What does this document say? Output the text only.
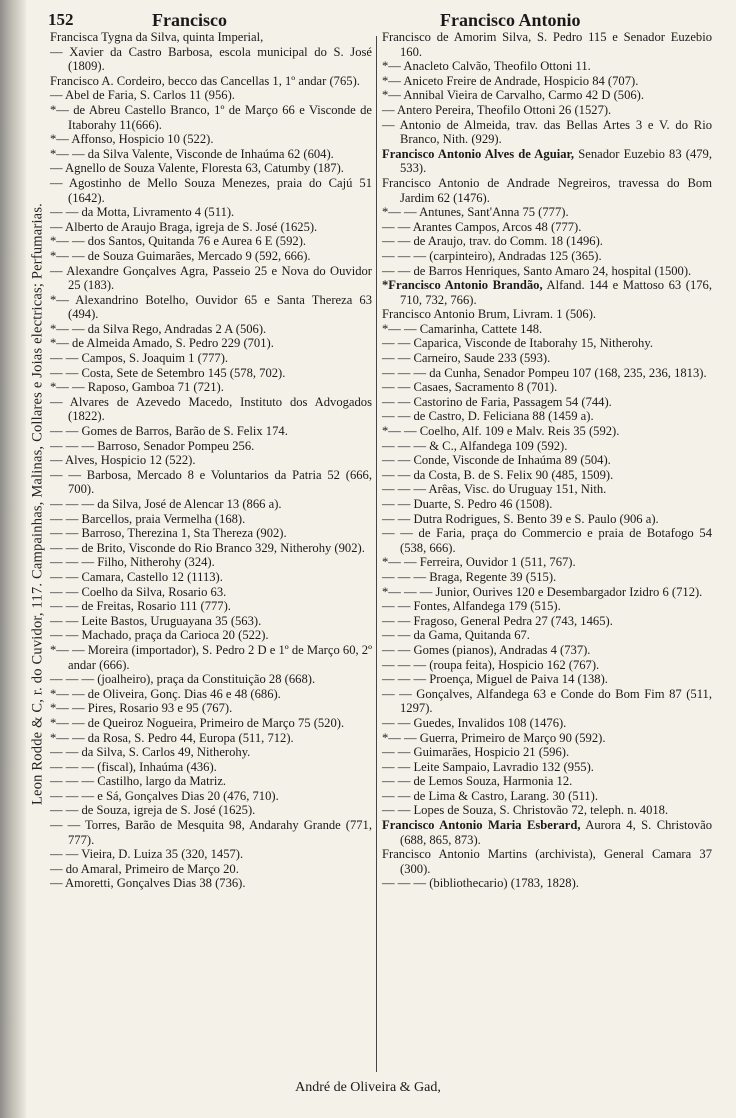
152	Francisco	Francisco Antonio
Leon Rodde & C, r. do Cuvidor, 117. Campainhas, Malinas, Collares e Joias electricas; Perfumarias.

Francisca Tygna da Silva, quinta Imperial,

— Xavier da Castro Barbosa, escola municipal do S. José (1809).

Francisco A. Cordeiro, becco das Cancellas 1, 1º andar (765).

— Abel de Faria, S. Carlos 11 (956).

*— de Abreu Castello Branco, 1º de Março 66 e Visconde de Itaborahy 11(666).

*— Affonso, Hospicio 10 (522).

*— — da Silva Valente, Visconde de Inhaúma 62 (604).

— Agnello de Souza Valente, Floresta 63, Catumby (187).

— Agostinho de Mello Souza Menezes, praia do Cajú 51 (1642).

— — da Motta, Livramento 4 (511).

— Alberto de Araujo Braga, igreja de S. José (1625).

*— — dos Santos, Quitanda 76 e Aurea 6 E (592).

*— — de Souza Guimarães, Mercado 9 (592, 666).

— Alexandre Gonçalves Agra, Passeio 25 e Nova do Ouvidor 25 (183).

*— Alexandrino Botelho, Ouvidor 65 e Santa Thereza 63 (494).

*— — da Silva Rego, Andradas 2 A (506).

*— de Almeida Amado, S. Pedro 229 (701).

— — Campos, S. Joaquim 1 (777).

— — Costa, Sete de Setembro 145 (578, 702).

*— — Raposo, Gamboa 71 (721).

— Alvares de Azevedo Macedo, Instituto dos Advogados (1822).

— — Gomes de Barros, Barão de S. Felix 174.

— — — Barroso, Senador Pompeu 256.

— Alves, Hospicio 12 (522).

— — Barbosa, Mercado 8 e Voluntarios da Patria 52 (666, 700).

— — — da Silva, José de Alencar 13 (866 a).

— — Barcellos, praia Vermelha (168).

— — Barroso, Therezina 1, Sta Thereza (902).

— — de Brito, Visconde do Rio Branco 329, Nitherohy (902).

— — — Filho, Nitherohy (324).

— — Camara, Castello 12 (1113).

— — Coelho da Silva, Rosario 63.

— — de Freitas, Rosario 111 (777).

— — Leite Bastos, Uruguayana 35 (563).

— — Machado, praça da Carioca 20 (522).

*— — Moreira (importador), S. Pedro 2 D e 1º de Março 60, 2º andar (666).

— — — (joalheiro), praça da Constituição 28 (668).

*— — de Oliveira, Gonç. Dias 46 e 48 (686).

*— — Pires, Rosario 93 e 95 (767).

*— — de Queiroz Nogueira, Primeiro de Março 75 (520).

*— — da Rosa, S. Pedro 44, Europa (511, 712).

— — da Silva, S. Carlos 49, Nitherohy.

— — — (fiscal), Inhaúma (436).

— — — Castilho, largo da Matriz.

— — — e Sá, Gonçalves Dias 20 (476, 710).

— — de Souza, igreja de S. José (1625).

— — Torres, Barão de Mesquita 98, Andarahy Grande (771, 777).

— — Vieira, D. Luiza 35 (320, 1457).

— do Amaral, Primeiro de Março 20.

— Amoretti, Gonçalves Dias 38 (736).

Francisco de Amorim Silva, S. Pedro 115 e Senador Euzebio 160.

*— Anacleto Calvão, Theofilo Ottoni 11.

*— Aniceto Freire de Andrade, Hospicio 84 (707).

*— Annibal Vieira de Carvalho, Carmo 42 D (506).

— Antero Pereira, Theofilo Ottoni 26 (1527).

— Antonio de Almeida, trav. das Bellas Artes 3 e V. do Rio Branco, Nith. (929).

Francisco Antonio Alves de Aguiar, Senador Euzebio 83 (479, 533).

Francisco Antonio de Andrade Negreiros, travessa do Bom Jardim 62 (1476).

*— — Antunes, Sant'Anna 75 (777).

— — Arantes Campos, Arcos 48 (777).

— — de Araujo, trav. do Comm. 18 (1496).

— — — (carpinteiro), Andradas 125 (365).

— — de Barros Henriques, Santo Amaro 24, hospital (1500).

*Francisco Antonio Brandão, Alfand. 144 e Mattoso 63 (176, 710, 732, 766).

Francisco Antonio Brum, Livram. 1 (506).

*— — Camarinha, Cattete 148.

— — Caparica, Visconde de Itaborahy 15, Nitherohy.

— — Carneiro, Saude 233 (593).

— — — da Cunha, Senador Pompeu 107 (168, 235, 236, 1813).

— — Casaes, Sacramento 8 (701).

— — Castorino de Faria, Passagem 54 (744).

— — de Castro, D. Feliciana 88 (1459 a).

*— — Coelho, Alf. 109 e Malv. Reis 35 (592).

— — — & C., Alfandega 109 (592).

— — Conde, Visconde de Inhaúma 89 (504).

— — da Costa, B. de S. Felix 90 (485, 1509).

— — — Arêas, Visc. do Uruguay 151, Nith.

— — Duarte, S. Pedro 46 (1508).

— — Dutra Rodrigues, S. Bento 39 e S. Paulo (906 a).

— — de Faria, praça do Commercio e praia de Botafogo 54 (538, 666).

*— — Ferreira, Ouvidor 1 (511, 767).

— — — Braga, Regente 39 (515).

*— — — Junior, Ourives 120 e Desembargador Izidro 6 (712).

— — Fontes, Alfandega 179 (515).

— — Fragoso, General Pedra 27 (743, 1465).

— — da Gama, Quitanda 67.

— — Gomes (pianos), Andradas 4 (737).

— — — (roupa feita), Hospicio 162 (767).

— — — Proença, Miguel de Paiva 14 (138).

— — Gonçalves, Alfandega 63 e Conde do Bom Fim 87 (511, 1297).

— — Guedes, Invalidos 108 (1476).

*— — Guerra, Primeiro de Março 90 (592).

— — Guimarães, Hospicio 21 (596).

— — Leite Sampaio, Lavradio 132 (955).

— — de Lemos Souza, Harmonia 12.

— — de Lima & Castro, Larang. 30 (511).

— — Lopes de Souza, S. Christovão 72, teleph. n. 4018.

Francisco Antonio Maria Esberard, Aurora 4, S. Christovão (688, 865, 873).

Francisco Antonio Martins (archivista), General Camara 37 (300).

— — — (bibliothecario) (1783, 1828).

André de Oliveira & Gad,
